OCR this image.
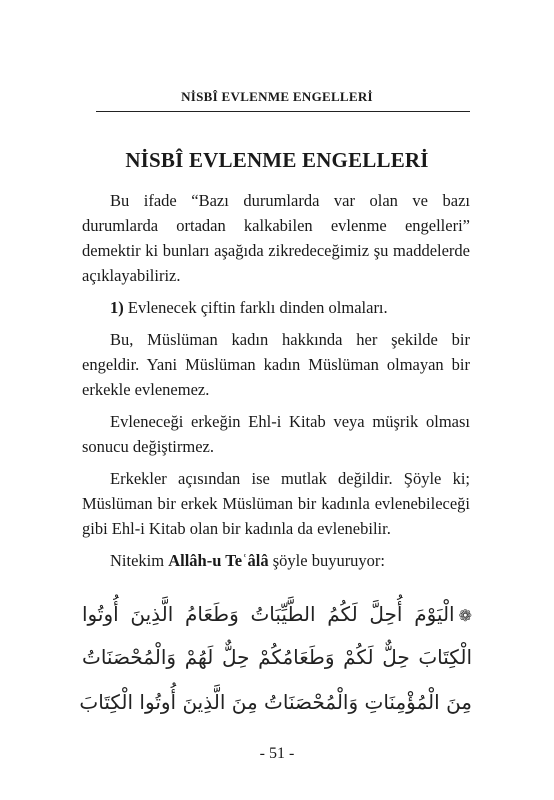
NİSBÎ EVLENME ENGELLERİ
NİSBÎ EVLENME ENGELLERİ

Bu ifade “Bazı durumlarda var olan ve bazı durumlarda ortadan kalkabilen evlenme engelleri” demektir ki bunları aşağıda zikredeceğimiz şu maddelerde açıklayabiliriz.

1) Evlenecek çiftin farklı dinden olmaları.

Bu, Müslüman kadın hakkında her şekilde bir engeldir. Yani Müslüman kadın Müslüman olmayan bir erkekle evlenemez.

Evleneceği erkeğin Ehl-i Kitab veya müşrik olması sonucu değiştirmez.

Erkekler açısından ise mutlak değildir. Şöyle ki; Müslüman bir erkek Müslüman bir kadınla evlenebileceği gibi Ehl-i Kitab olan bir kadınla da evlenebilir.

Nitekim Allâh-u Teʿâlâ şöyle buyuruyor:

❁الْيَوْمَ أُحِلَّ لَكُمُ الطَّيِّبَاتُ وَطَعَامُ الَّذِينَ أُوتُوا
الْكِتَابَ حِلٌّ لَكُمْ وَطَعَامُكُمْ حِلٌّ لَهُمْ وَالْمُحْصَنَاتُ
مِنَ الْمُؤْمِنَاتِ وَالْمُحْصَنَاتُ مِنَ الَّذِينَ أُوتُوا الْكِتَابَ
- 51 -
